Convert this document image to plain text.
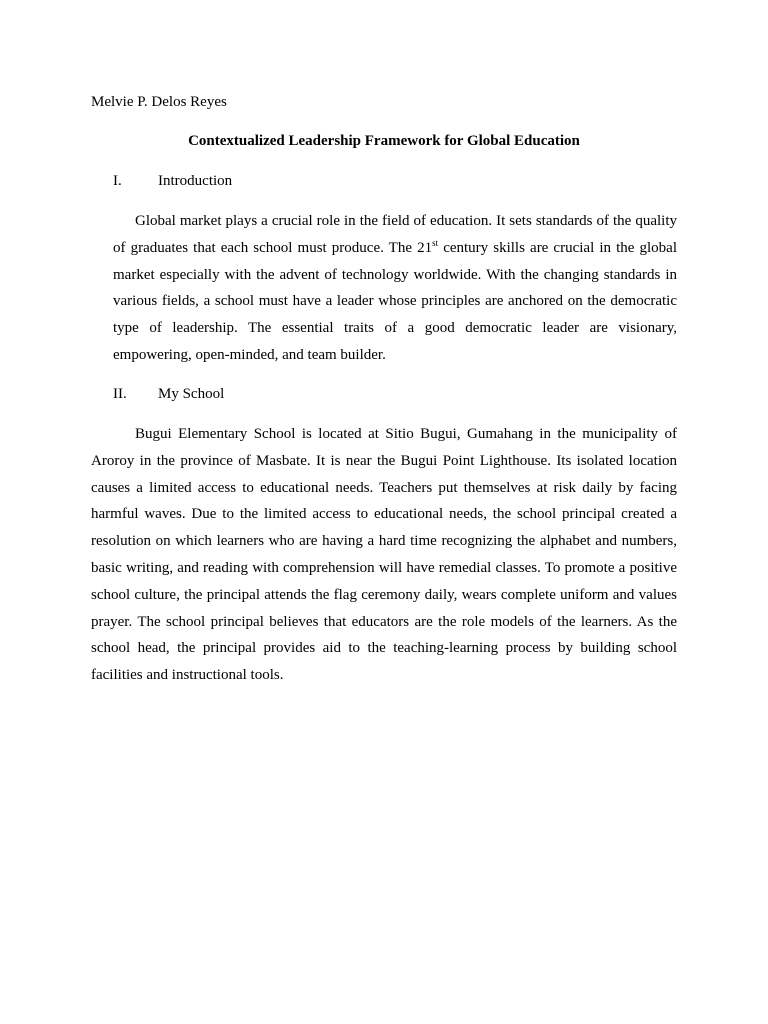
Melvie P. Delos Reyes

Contextualized Leadership Framework for Global Education

I. Introduction

Global market plays a crucial role in the field of education. It sets standards of the quality of graduates that each school must produce. The 21st century skills are crucial in the global market especially with the advent of technology worldwide. With the changing standards in various fields, a school must have a leader whose principles are anchored on the democratic type of leadership. The essential traits of a good democratic leader are visionary, empowering, open-minded, and team builder.

II. My School

Bugui Elementary School is located at Sitio Bugui, Gumahang in the municipality of Aroroy in the province of Masbate. It is near the Bugui Point Lighthouse. Its isolated location causes a limited access to educational needs. Teachers put themselves at risk daily by facing harmful waves. Due to the limited access to educational needs, the school principal created a resolution on which learners who are having a hard time recognizing the alphabet and numbers, basic writing, and reading with comprehension will have remedial classes. To promote a positive school culture, the principal attends the flag ceremony daily, wears complete uniform and values prayer. The school principal believes that educators are the role models of the learners. As the school head, the principal provides aid to the teaching-learning process by building school facilities and instructional tools.
